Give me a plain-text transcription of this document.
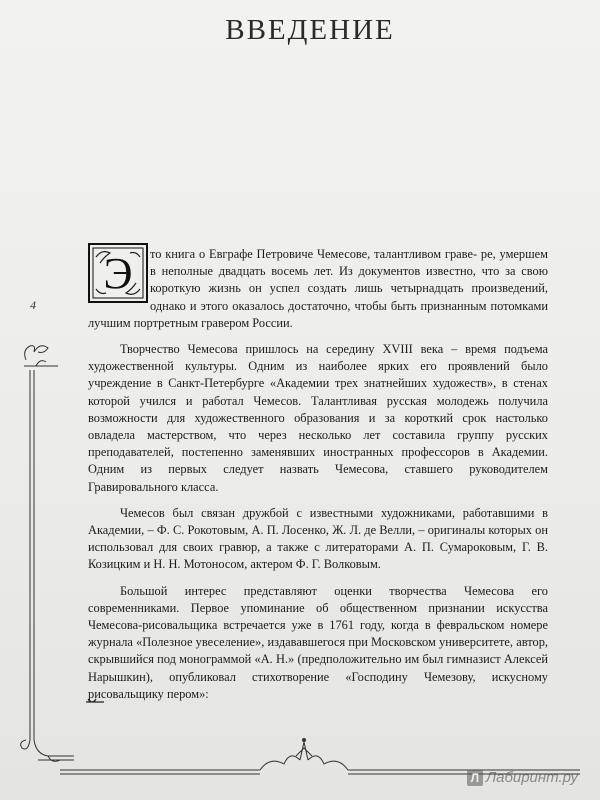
ВВЕДЕНИЕ
4
Э	то книга о Евграфе Петровиче Чемесове, талантливом граве- ре, умершем в неполные двадцать восемь лет. Из документов известно, что за свою короткую жизнь он успел создать лишь четырнадцать произведений, однако и этого оказалось достаточно, чтобы быть признанным потомками лучшим портретным гравером России.

Творчество Чемесова пришлось на середину XVIII века – время подъема художественной культуры. Одним из наиболее ярких его проявлений было учреждение в Санкт-Петербурге «Академии трех знатнейших художеств», в стенах которой учился и работал Чемесов. Талантливая русская молодежь получила возможности для художественного образования и за короткий срок настолько овладела мастерством, что через несколько лет составила группу русских преподавателей, постепенно заменявших иностранных профессоров в Академии. Одним из первых следует назвать Чемесова, ставшего руководителем Гравировального класса.

Чемесов был связан дружбой с известными художниками, работавшими в Академии, – Ф. С. Рокотовым, А. П. Лосенко, Ж. Л. де Велли, – оригиналы которых он использовал для своих гравюр, а также с литераторами А. П. Сумароковым, Г. В. Козицким и Н. Н. Мотоносом, актером Ф. Г. Волковым.

Большой интерес представляют оценки творчества Чемесова его современниками. Первое упоминание об общественном признании искусства Чемесова-рисовальщика встречается уже в 1761 году, когда в февральском номере журнала «Полезное увеселение», издававшегося при Московском университете, автор, скрывшийся под монограммой «А. Н.» (предположительно им был гимназист Алексей Нарышкин), опубликовал стихотворение «Господину Чемезову, искусному рисовальщику пером»:

Л Лабиринт.ру
